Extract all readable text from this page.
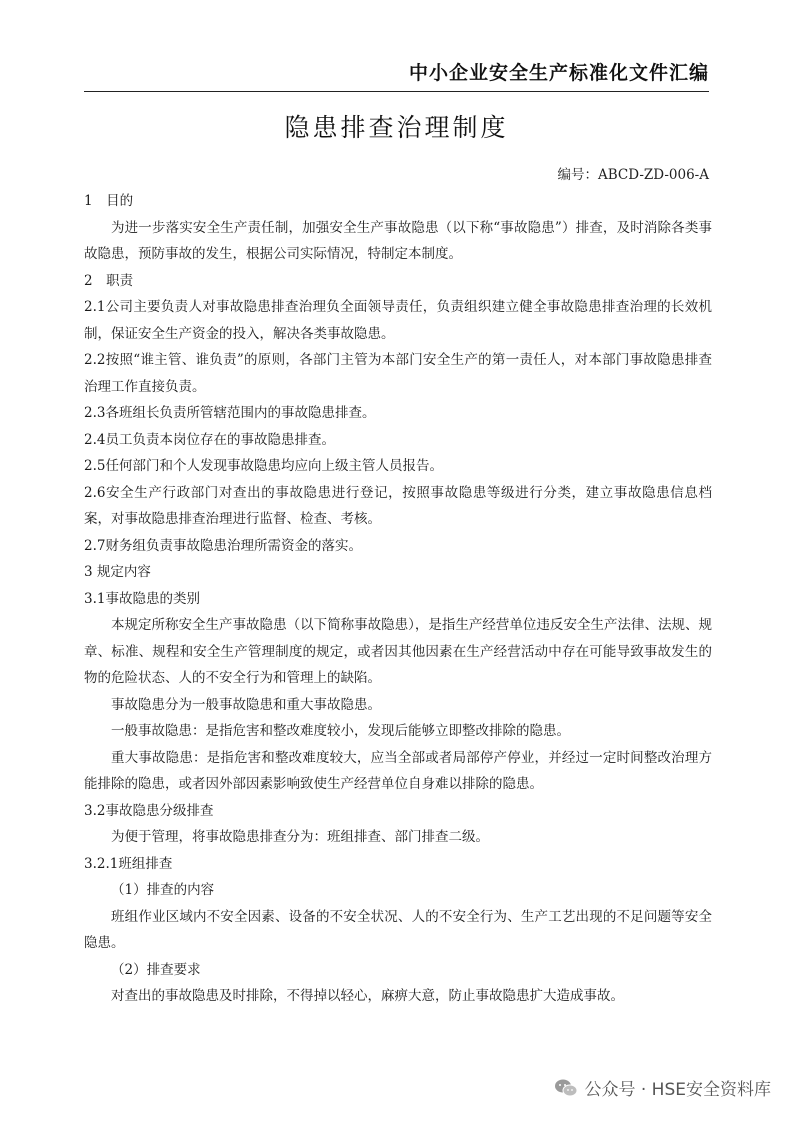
中小企业安全生产标准化文件汇编
隐患排查治理制度
编号：ABCD-ZD-006-A

1　目的

为进一步落实安全生产责任制，加强安全生产事故隐患（以下称“事故隐患”）排查，及时消除各类事故隐患，预防事故的发生，根据公司实际情况，特制定本制度。

2　职责

2.1公司主要负责人对事故隐患排查治理负全面领导责任，负责组织建立健全事故隐患排查治理的长效机制，保证安全生产资金的投入，解决各类事故隐患。

2.2按照“谁主管、谁负责”的原则，各部门主管为本部门安全生产的第一责任人，对本部门事故隐患排查治理工作直接负责。

2.3各班组长负责所管辖范围内的事故隐患排查。

2.4员工负责本岗位存在的事故隐患排查。

2.5任何部门和个人发现事故隐患均应向上级主管人员报告。

2.6安全生产行政部门对查出的事故隐患进行登记，按照事故隐患等级进行分类，建立事故隐患信息档案，对事故隐患排查治理进行监督、检查、考核。

2.7财务组负责事故隐患治理所需资金的落实。

3 规定内容

3.1事故隐患的类别

本规定所称安全生产事故隐患（以下简称事故隐患），是指生产经营单位违反安全生产法律、法规、规章、标准、规程和安全生产管理制度的规定，或者因其他因素在生产经营活动中存在可能导致事故发生的物的危险状态、人的不安全行为和管理上的缺陷。

事故隐患分为一般事故隐患和重大事故隐患。

一般事故隐患：是指危害和整改难度较小，发现后能够立即整改排除的隐患。

重大事故隐患：是指危害和整改难度较大，应当全部或者局部停产停业，并经过一定时间整改治理方能排除的隐患，或者因外部因素影响致使生产经营单位自身难以排除的隐患。

3.2事故隐患分级排查

为便于管理，将事故隐患排查分为：班组排查、部门排查二级。

3.2.1班组排查

（1）排查的内容

班组作业区域内不安全因素、设备的不安全状况、人的不安全行为、生产工艺出现的不足问题等安全隐患。

（2）排查要求

对查出的事故隐患及时排除，不得掉以轻心，麻痹大意，防止事故隐患扩大造成事故。

公众号 · HSE安全资料库
